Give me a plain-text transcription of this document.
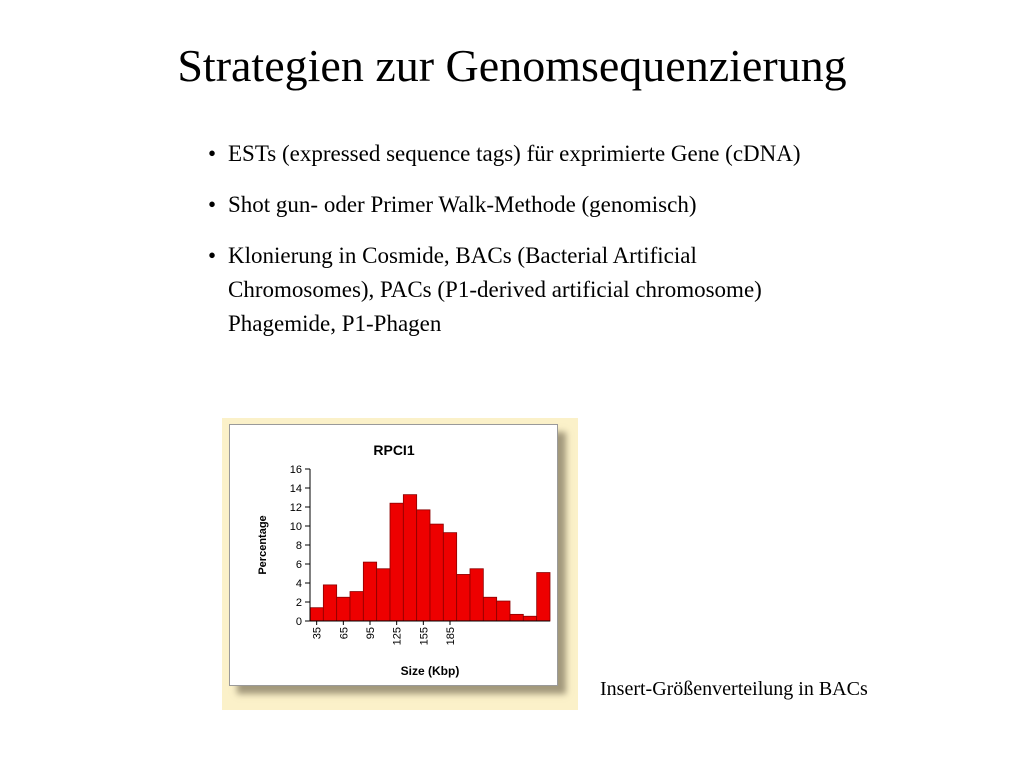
Strategien zur Genomsequenzierung
• ESTs (expressed sequence tags) für exprimierte Gene (cDNA)
• Shot gun- oder Primer Walk-Methode (genomisch)
• Klonierung in Cosmide, BACs (Bacterial Artificial Chromosomes), PACs (P1-derived artificial chromosome) Phagemide, P1-Phagen
RPCI1
0
2
4
6
8
10
12
14
16
35 65 95 125 155 185
Percentage
Size (Kbp)
Insert-Größenverteilung in BACs
